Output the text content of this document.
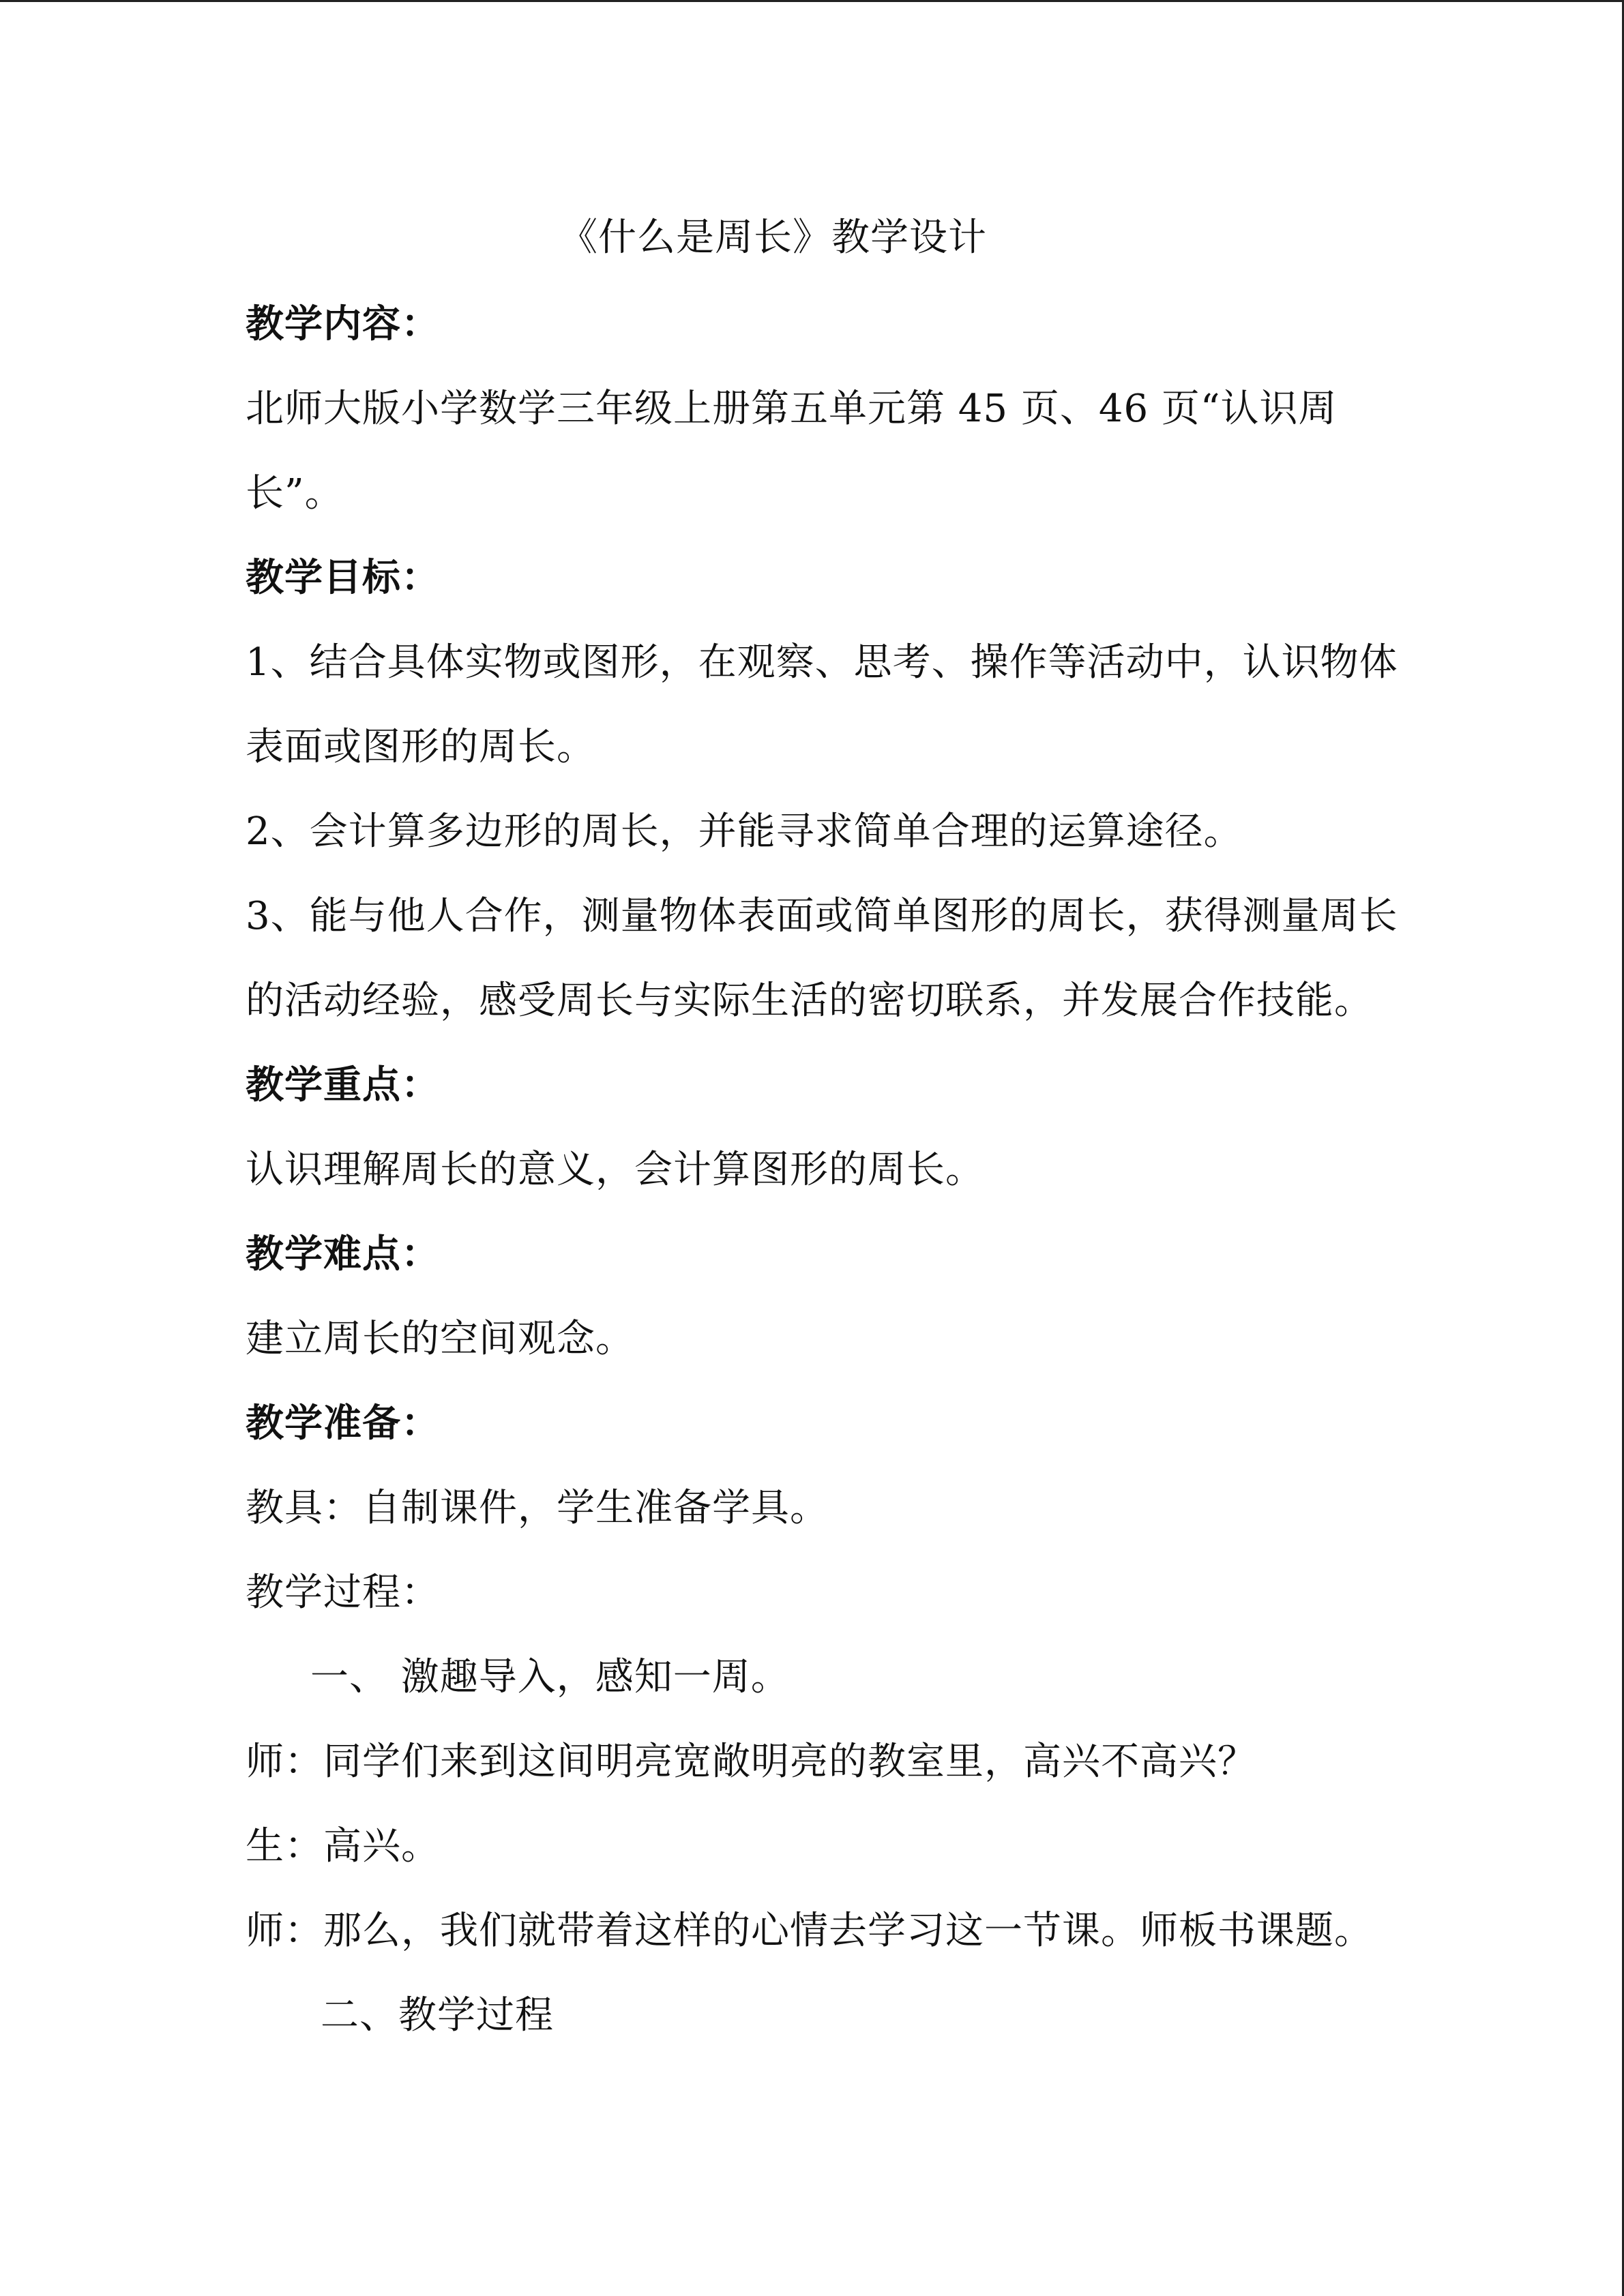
《什么是周长》教学设计
教学内容：
北师大版小学数学三年级上册第五单元第 45 页、46 页“认识周
长”。
教学目标：
1、结合具体实物或图形，在观察、思考、操作等活动中，认识物体
表面或图形的周长。
2、会计算多边形的周长，并能寻求简单合理的运算途径。
3、能与他人合作，测量物体表面或简单图形的周长，获得测量周长
的活动经验，感受周长与实际生活的密切联系，并发展合作技能。
教学重点：
认识理解周长的意义，会计算图形的周长。
教学难点：
建立周长的空间观念。
教学准备：
教具：自制课件，学生准备学具。
教学过程：
一、 激趣导入，感知一周。
师：同学们来到这间明亮宽敞明亮的教室里，高兴不高兴？
生：高兴。
师：那么，我们就带着这样的心情去学习这一节课。师板书课题。
二、教学过程
